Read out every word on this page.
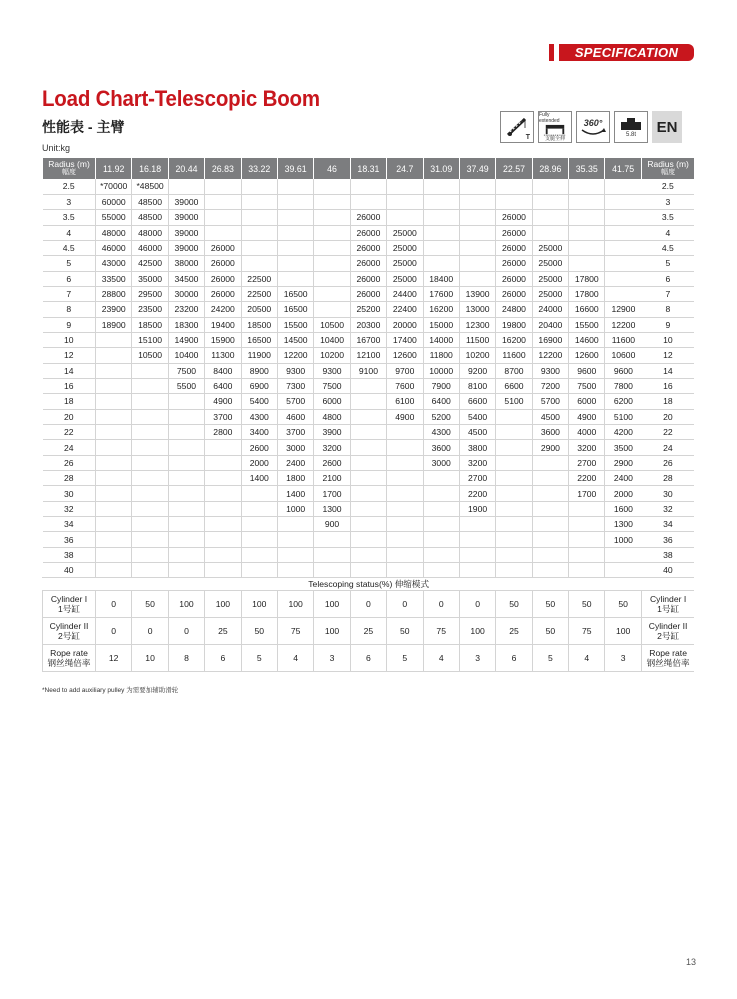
SPECIFICATION
Load Chart-Telescopic Boom
性能表 - 主臂
Unit:kg
T
Fully extended
支腿全伸
360°
5.8t	EN
Radius (m)
幅度	11.92	16.18	20.44	26.83	33.22	39.61	46	18.31	24.7	31.09	37.49	22.57	28.96	35.35	41.75	Radius (m)
幅度

2.5	*70000	*48500														2.5
3	60000	48500	39000													3
3.5	55000	48500	39000					26000				26000				3.5
4	48000	48000	39000					26000	25000			26000				4
4.5	46000	46000	39000	26000				26000	25000			26000	25000			4.5
5	43000	42500	38000	26000				26000	25000			26000	25000			5
6	33500	35000	34500	26000	22500			26000	25000	18400		26000	25000	17800		6
7	28800	29500	30000	26000	22500	16500		26000	24400	17600	13900	26000	25000	17800		7
8	23900	23500	23200	24200	20500	16500		25200	22400	16200	13000	24800	24000	16600	12900	8
9	18900	18500	18300	19400	18500	15500	10500	20300	20000	15000	12300	19800	20400	15500	12200	9
10		15100	14900	15900	16500	14500	10400	16700	17400	14000	11500	16200	16900	14600	11600	10
12		10500	10400	11300	11900	12200	10200	12100	12600	11800	10200	11600	12200	12600	10600	12
14			7500	8400	8900	9300	9300	9100	9700	10000	9200	8700	9300	9600	9600	14
16			5500	6400	6900	7300	7500		7600	7900	8100	6600	7200	7500	7800	16
18				4900	5400	5700	6000		6100	6400	6600	5100	5700	6000	6200	18
20				3700	4300	4600	4800		4900	5200	5400		4500	4900	5100	20
22				2800	3400	3700	3900			4300	4500		3600	4000	4200	22
24					2600	3000	3200			3600	3800		2900	3200	3500	24
26					2000	2400	2600			3000	3200			2700	2900	26
28					1400	1800	2100				2700			2200	2400	28
30						1400	1700				2200			1700	2000	30
32						1000	1300				1900				1600	32
34							900								1300	34
36															1000	36
38																38
40																40
Telescoping status(%) 伸缩模式																

Cylinder I
1号缸	0	50	100	100	100	100	100	0	0	0	0	50	50	50	50	Cylinder I
1号缸

Cylinder II
2号缸	0	0	0	25	50	75	100	25	50	75	100	25	50	75	100	Cylinder II
2号缸

Rope rate
钢丝绳倍率	12	10	8	6	5	4	3	6	5	4	3	6	5	4	3	Rope rate
钢丝绳倍率
*Need to add auxiliary pulley 为需要加辅助滑轮
13
